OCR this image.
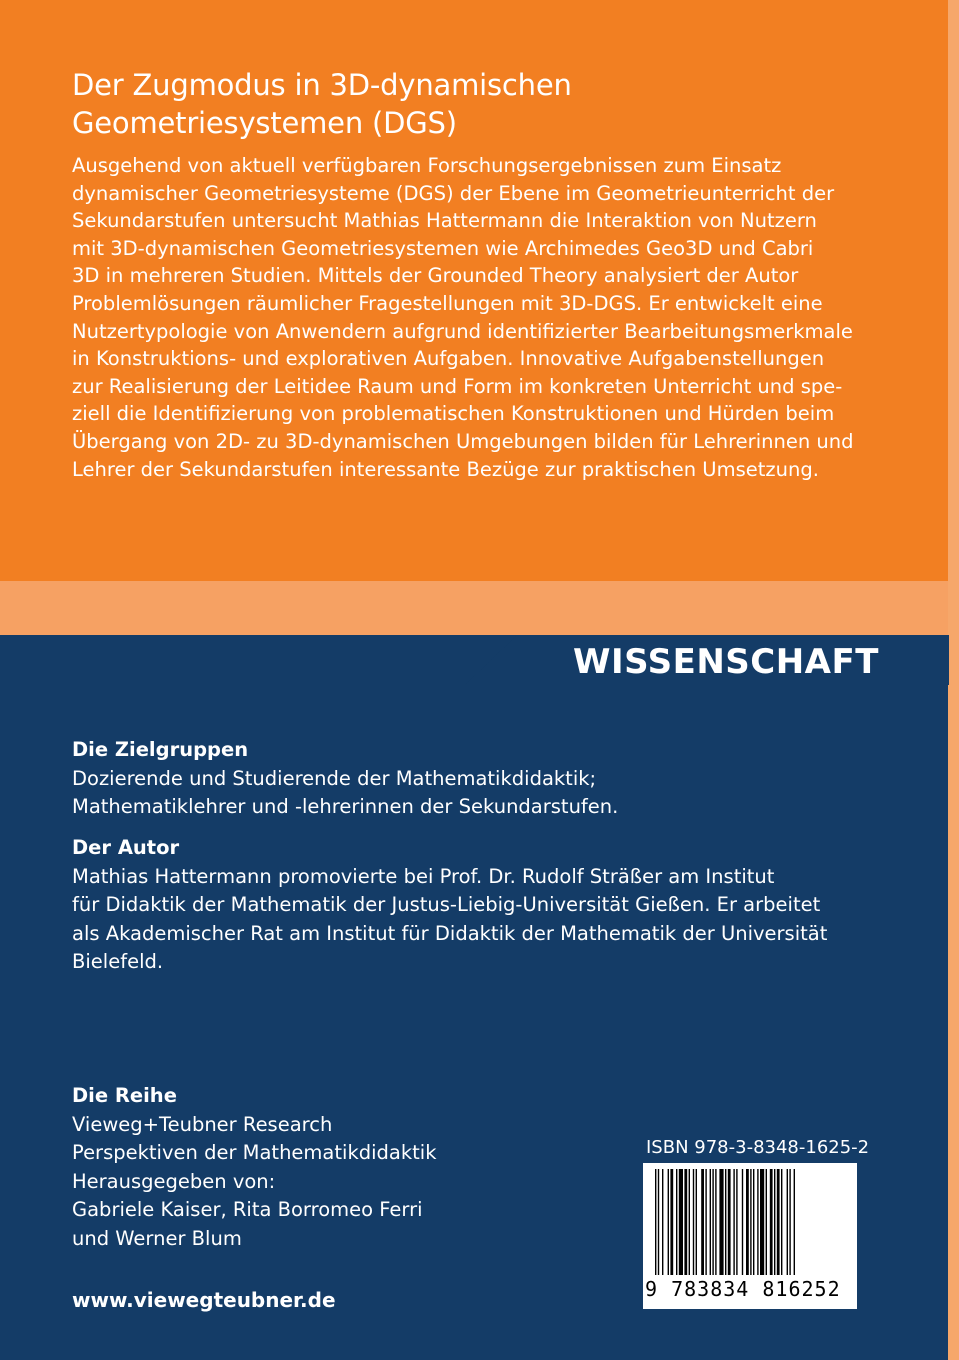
Der Zugmodus in 3D-dynamischen
Geometriesystemen (DGS)
Ausgehend von aktuell verfügbaren Forschungsergebnissen zum Einsatz
dynamischer Geometriesysteme (DGS) der Ebene im Geometrieunterricht der
Sekundarstufen untersucht Mathias Hattermann die Interaktion von Nutzern
mit 3D-dynamischen Geometriesystemen wie Archimedes Geo3D und Cabri
3D in mehreren Studien. Mittels der Grounded Theory analysiert der Autor
Problemlösungen räumlicher Fragestellungen mit 3D-DGS. Er entwickelt eine
Nutzertypologie von Anwendern aufgrund identifizierter Bearbeitungsmerkmale
in Konstruktions- und explorativen Aufgaben. Innovative Aufgabenstellungen
zur Realisierung der Leitidee Raum und Form im konkreten Unterricht und spe-
ziell die Identifizierung von problematischen Konstruktionen und Hürden beim
Übergang von 2D- zu 3D-dynamischen Umgebungen bilden für Lehrerinnen und
Lehrer der Sekundarstufen interessante Bezüge zur praktischen Umsetzung.
WISSENSCHAFT
Die Zielgruppen
Dozierende und Studierende der Mathematikdidaktik;
Mathematiklehrer und -lehrerinnen der Sekundarstufen.
Der Autor
Mathias Hattermann promovierte bei Prof. Dr. Rudolf Sträßer am Institut
für Didaktik der Mathematik der Justus-Liebig-Universität Gießen. Er arbeitet
als Akademischer Rat am Institut für Didaktik der Mathematik der Universität
Bielefeld.
Die Reihe
Vieweg+Teubner Research
Perspektiven der Mathematikdidaktik
Herausgegeben von:
Gabriele Kaiser, Rita Borromeo Ferri
und Werner Blum
www.viewegteubner.de
ISBN 978-3-8348-1625-2
9 783834 816252
